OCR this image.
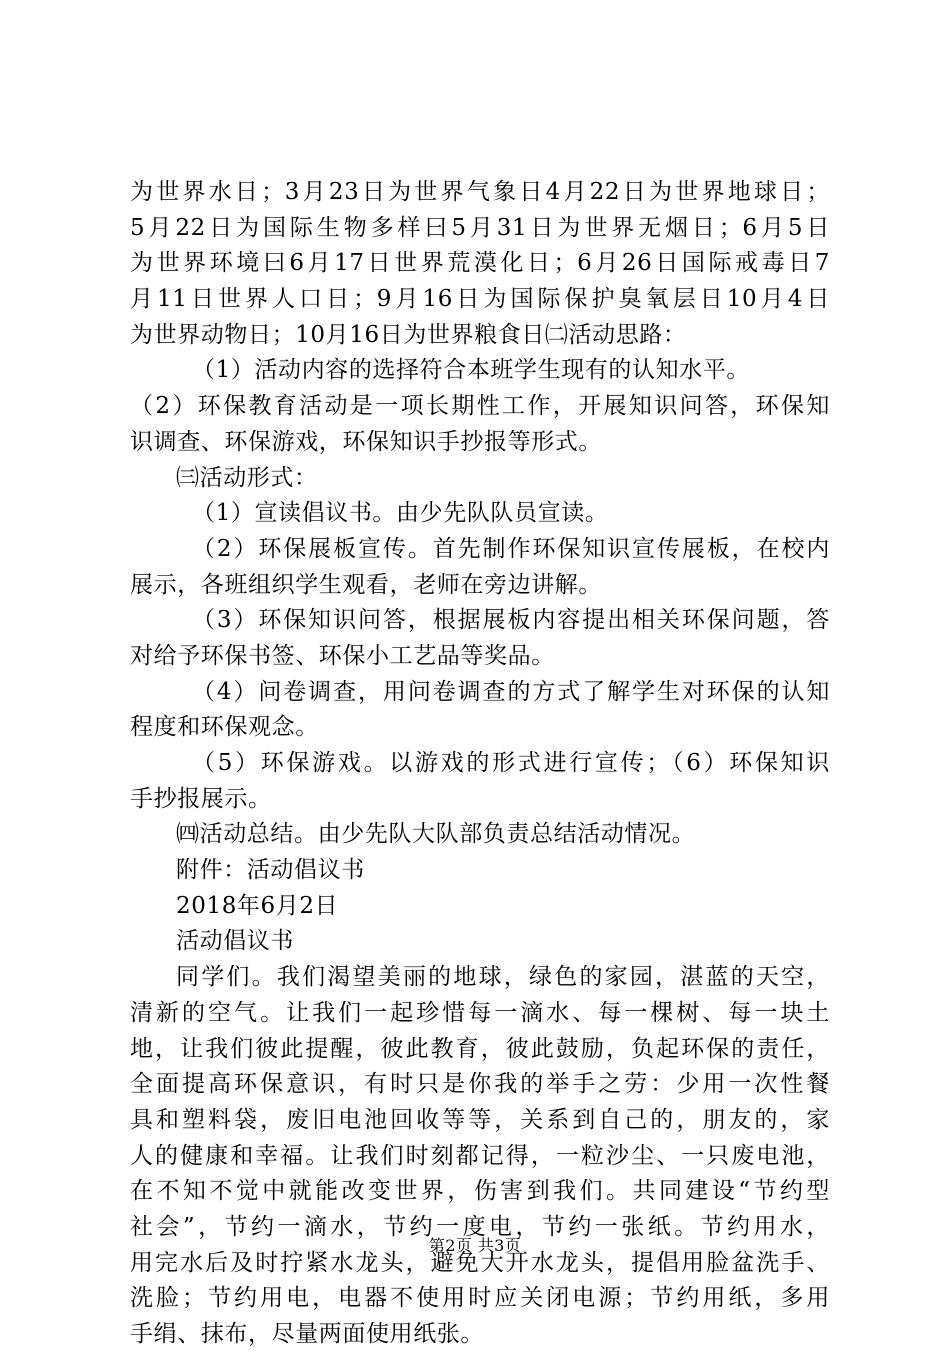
为世界水日；3月23日为世界气象日4月22日为世界地球日；
5月22日为国际生物多样曰5月31日为世界无烟日；6月5日
为世界环境曰6月17日世界荒漠化日；6月26日国际戒毒日7
月11日世界人口日；9月16日为国际保护臭氧层日10月4日
为世界动物日；10月16日为世界粮食日㈡活动思路：
（1）活动内容的选择符合本班学生现有的认知水平。
（2）环保教育活动是一项长期性工作，开展知识问答，环保知
识调查、环保游戏，环保知识手抄报等形式。
㈢活动形式：
（1）宣读倡议书。由少先队队员宣读。
（2）环保展板宣传。首先制作环保知识宣传展板，在校内
展示，各班组织学生观看，老师在旁边讲解。
（3）环保知识问答，根据展板内容提出相关环保问题，答
对给予环保书签、环保小工艺品等奖品。
（4）问卷调查，用问卷调查的方式了解学生对环保的认知
程度和环保观念。
（5）环保游戏。以游戏的形式进行宣传；（6）环保知识
手抄报展示。
㈣活动总结。由少先队大队部负责总结活动情况。
附件：活动倡议书
2018年6月2日
活动倡议书
同学们。我们渴望美丽的地球，绿色的家园，湛蓝的天空，
清新的空气。让我们一起珍惜每一滴水、每一棵树、每一块土
地，让我们彼此提醒，彼此教育，彼此鼓励，负起环保的责任，
全面提高环保意识，有时只是你我的举手之劳：少用一次性餐
具和塑料袋，废旧电池回收等等，关系到自己的，朋友的，家
人的健康和幸福。让我们时刻都记得，一粒沙尘、一只废电池，
在不知不觉中就能改变世界，伤害到我们。共同建设“节约型
社会”，节约一滴水，节约一度电，节约一张纸。节约用水，
用完水后及时拧紧水龙头，避免大开水龙头，提倡用脸盆洗手、
洗脸；节约用电，电器不使用时应关闭电源；节约用纸，多用
手绢、抹布，尽量两面使用纸张。
第2页 共3页
